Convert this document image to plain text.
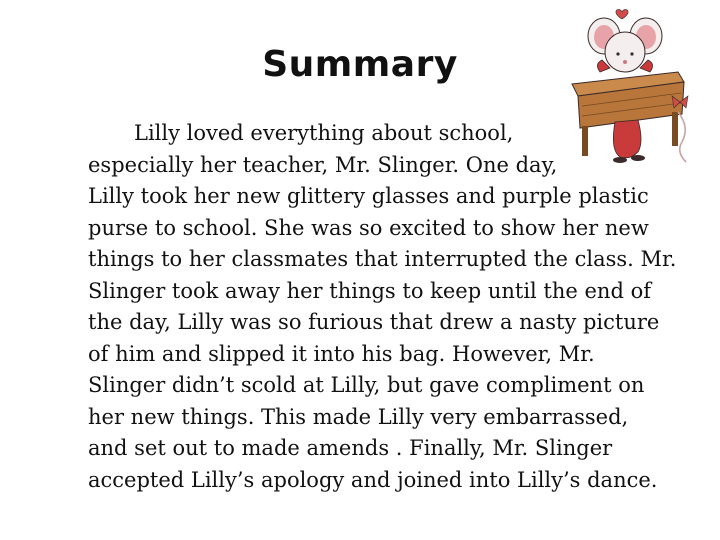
Summary
Lilly loved everything about school,
especially her teacher, Mr. Slinger. One day,
Lilly took her new glittery glasses and purple plastic
purse to school. She was so excited to show her new
things to her classmates that interrupted the class. Mr.
Slinger took away her things to keep until the end of
the day, Lilly was so furious that drew a nasty picture
of him and slipped it into his bag. However, Mr.
Slinger didn’t scold at Lilly, but gave compliment on
her new things. This made Lilly very embarrassed,
and set out to made amends . Finally, Mr. Slinger
accepted Lilly’s apology and joined into Lilly’s dance.
